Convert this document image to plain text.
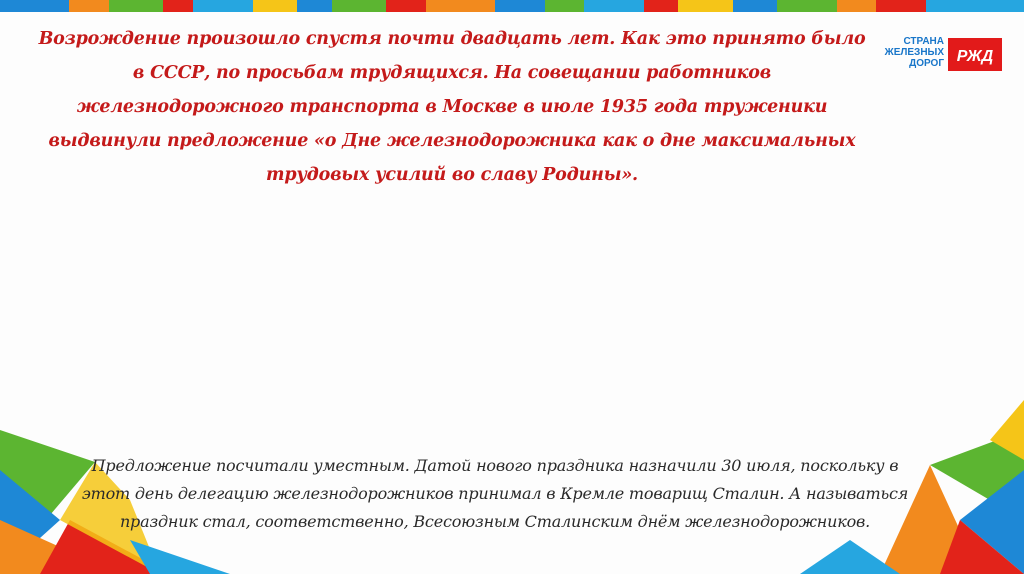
СТРАНА
ЖЕЛЕЗНЫХ
ДОРОГ РЖД
Возрождение произошло спустя почти двадцать лет. Как это принято было в СССР, по просьбам трудящихся. На совещании работников железнодорожного транспорта в Москве в июле 1935 года труженики выдвинули предложение «о Дне железнодорожника как о дне максимальных трудовых усилий во славу Родины».
Предложение посчитали уместным. Датой нового праздника назначили 30 июля, поскольку в этот день делегацию железнодорожников принимал в Кремле товарищ Сталин. А называться праздник стал, соответственно, Всесоюзным Сталинским днём железнодорожников.
